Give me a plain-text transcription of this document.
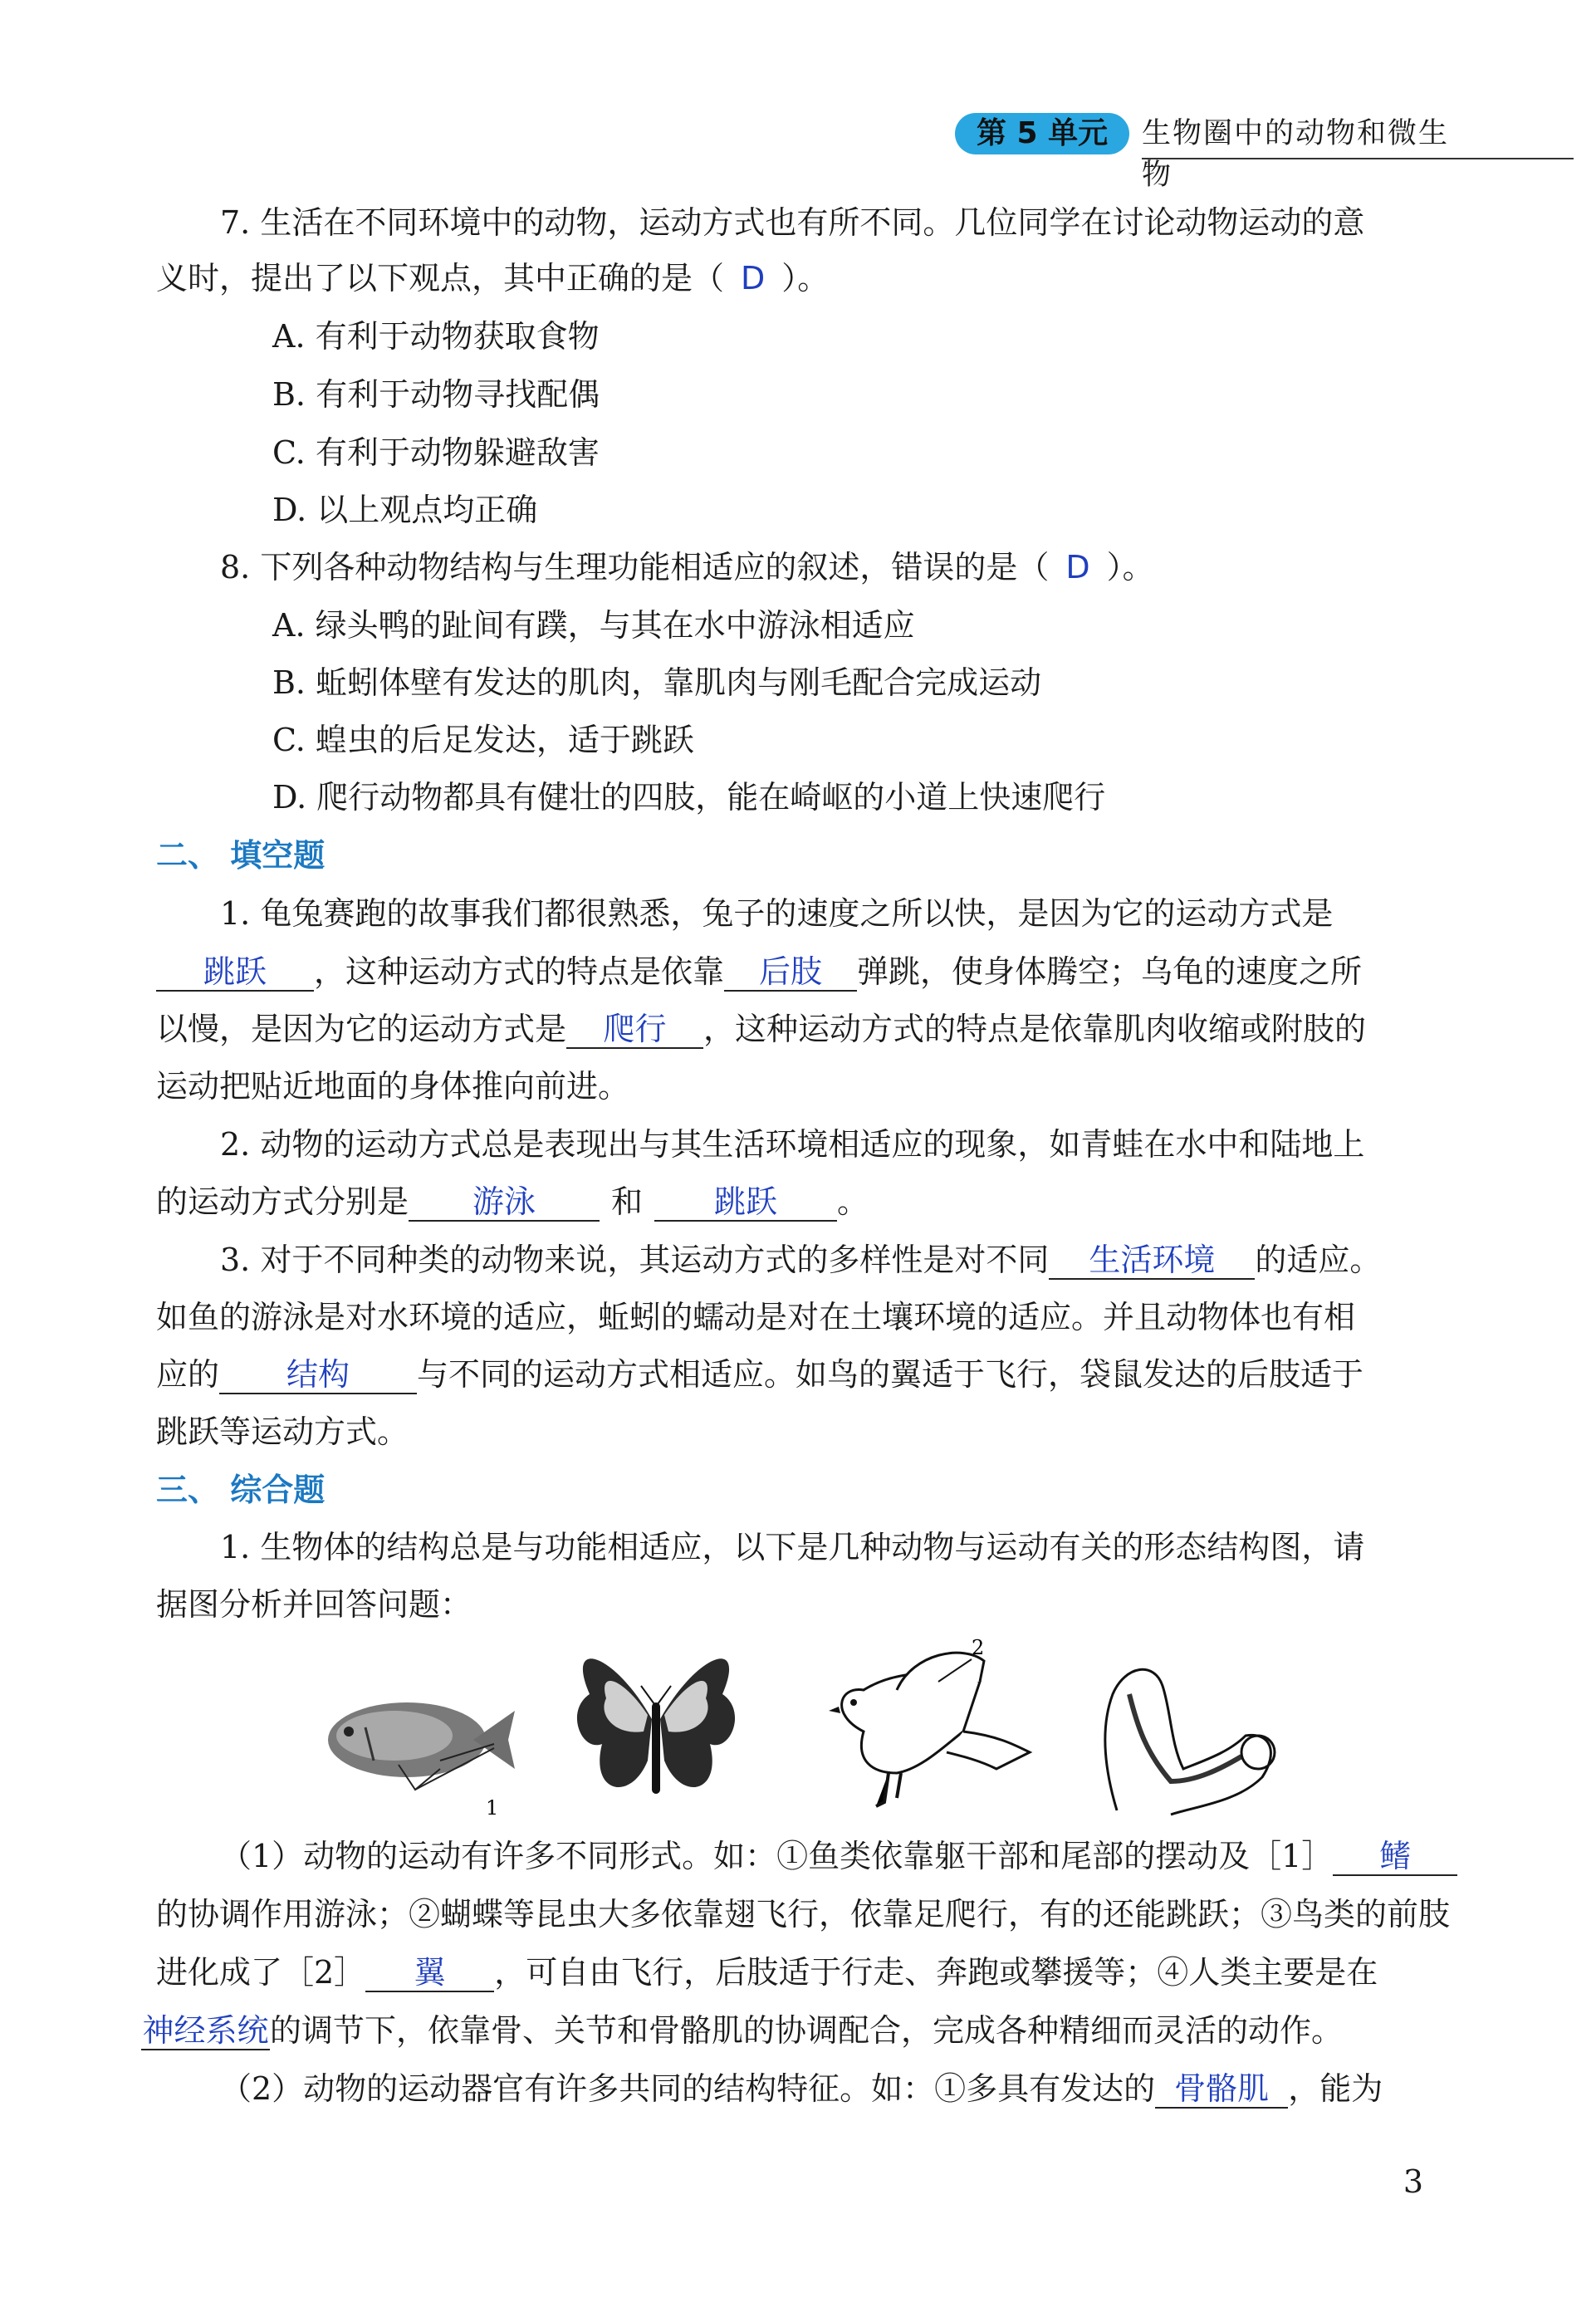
第 5 单元	生物圈中的动物和微生物
7. 生活在不同环境中的动物，运动方式也有所不同。几位同学在讨论动物运动的意
义时，提出了以下观点，其中正确的是（ D ）。
A. 有利于动物获取食物
B. 有利于动物寻找配偶
C. 有利于动物躲避敌害
D. 以上观点均正确
8. 下列各种动物结构与生理功能相适应的叙述，错误的是（ D ）。
A. 绿头鸭的趾间有蹼，与其在水中游泳相适应
B. 蚯蚓体壁有发达的肌肉，靠肌肉与刚毛配合完成运动
C. 蝗虫的后足发达，适于跳跃
D. 爬行动物都具有健壮的四肢，能在崎岖的小道上快速爬行
二、 填空题
1. 龟兔赛跑的故事我们都很熟悉，兔子的速度之所以快，是因为它的运动方式是
跳跃 ，这种运动方式的特点是依靠 后肢 弹跳，使身体腾空；乌龟的速度之所
以慢，是因为它的运动方式是 爬行 ，这种运动方式的特点是依靠肌肉收缩或附肢的
运动把贴近地面的身体推向前进。
2. 动物的运动方式总是表现出与其生活环境相适应的现象，如青蛙在水中和陆地上
的运动方式分别是 游泳 和 跳跃 。
3. 对于不同种类的动物来说，其运动方式的多样性是对不同 生活环境 的适应。
如鱼的游泳是对水环境的适应，蚯蚓的蠕动是对在土壤环境的适应。并且动物体也有相
应的 结构 与不同的运动方式相适应。如鸟的翼适于飞行，袋鼠发达的后肢适于
跳跃等运动方式。
三、 综合题
1. 生物体的结构总是与功能相适应，以下是几种动物与运动有关的形态结构图，请
据图分析并回答问题：
1
2
（1）动物的运动有许多不同形式。如：①鱼类依靠躯干部和尾部的摆动及［1］ 鳍
的协调作用游泳；②蝴蝶等昆虫大多依靠翅飞行，依靠足爬行，有的还能跳跃；③鸟类的前肢
进化成了［2］ 翼 ，可自由飞行，后肢适于行走、奔跑或攀援等；④人类主要是在
神经系统的调节下，依靠骨、关节和骨骼肌的协调配合，完成各种精细而灵活的动作。
（2）动物的运动器官有许多共同的结构特征。如：①多具有发达的 骨骼肌 ，能为
3
